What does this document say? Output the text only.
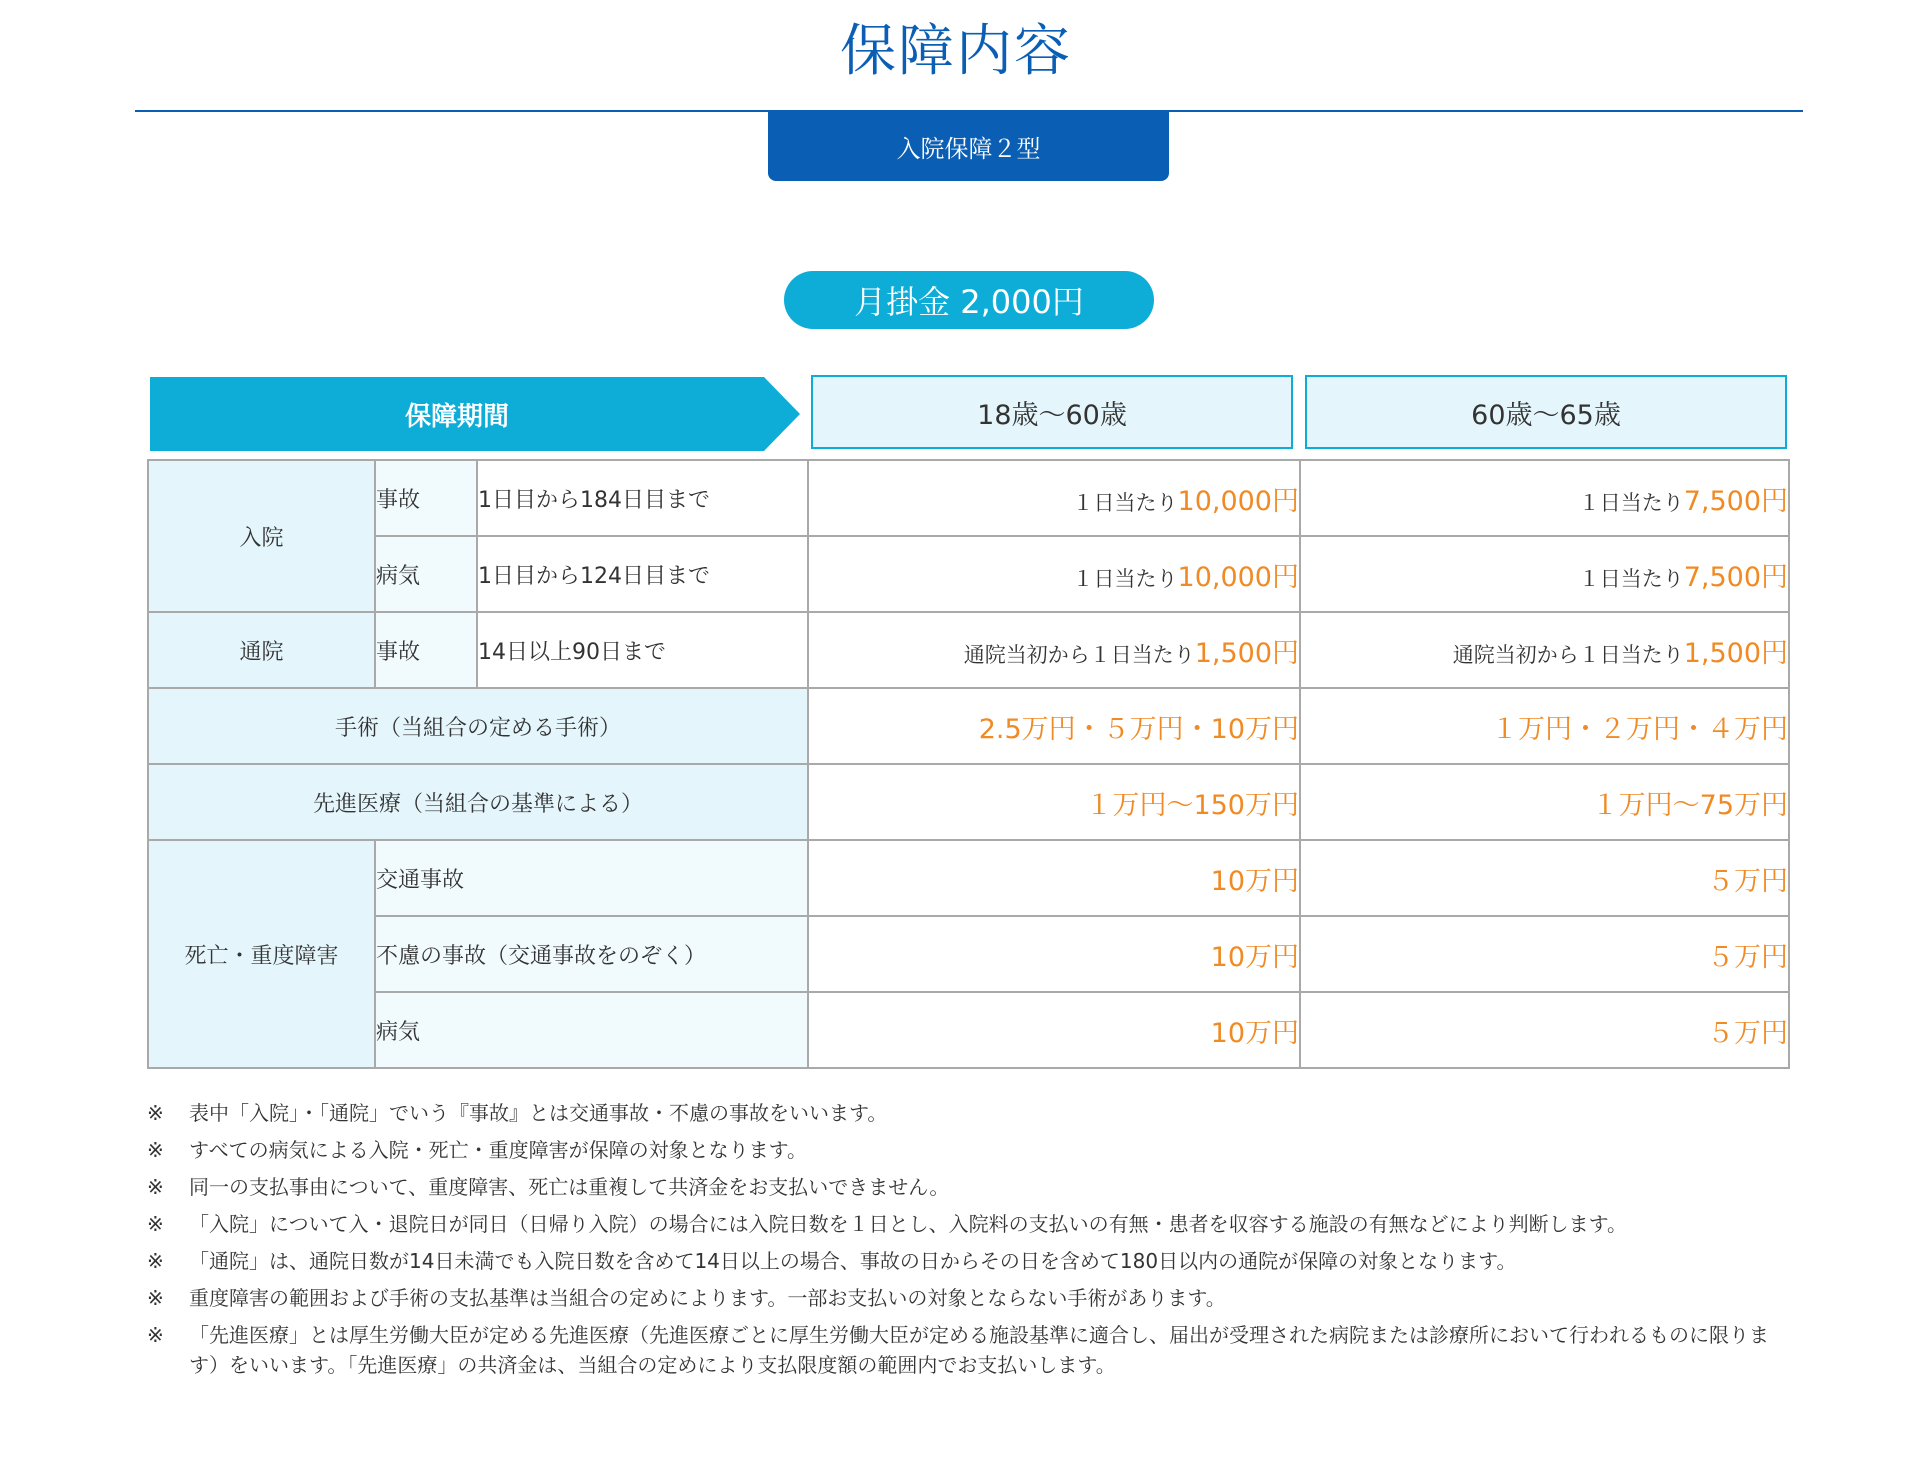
保障内容
入院保障２型
月掛金 2,000円
保障期間	18歳〜60歳	60歳〜65歳
入院	事故	1日目から184日目まで	１日当たり10,000円	１日当たり7,500円
	病気	1日目から124日目まで	１日当たり10,000円	１日当たり7,500円
通院	事故	14日以上90日まで	通院当初から１日当たり1,500円	通院当初から１日当たり1,500円
手術（当組合の定める手術）			2.5万円・５万円・10万円	１万円・２万円・４万円
先進医療（当組合の基準による）			１万円〜150万円	１万円〜75万円
死亡・重度障害	交通事故		10万円	５万円
	不慮の事故（交通事故をのぞく）		10万円	５万円
	病気		10万円	５万円
※ 表中「入院」・「通院」でいう『事故』とは交通事故・不慮の事故をいいます。
※ すべての病気による入院・死亡・重度障害が保障の対象となります。
※ 同一の支払事由について、重度障害、死亡は重複して共済金をお支払いできません。
※ 「入院」について入・退院日が同日（日帰り入院）の場合には入院日数を１日とし、入院料の支払いの有無・患者を収容する施設の有無などにより判断します。
※ 「通院」は、通院日数が14日未満でも入院日数を含めて14日以上の場合、事故の日からその日を含めて180日以内の通院が保障の対象となります。
※ 重度障害の範囲および手術の支払基準は当組合の定めによります。一部お支払いの対象とならない手術があります。
※ 「先進医療」とは厚生労働大臣が定める先進医療（先進医療ごとに厚生労働大臣が定める施設基準に適合し、届出が受理された病院または診療所において行われるものに限ります）をいいます。「先進医療」の共済金は、当組合の定めにより支払限度額の範囲内でお支払いします。
